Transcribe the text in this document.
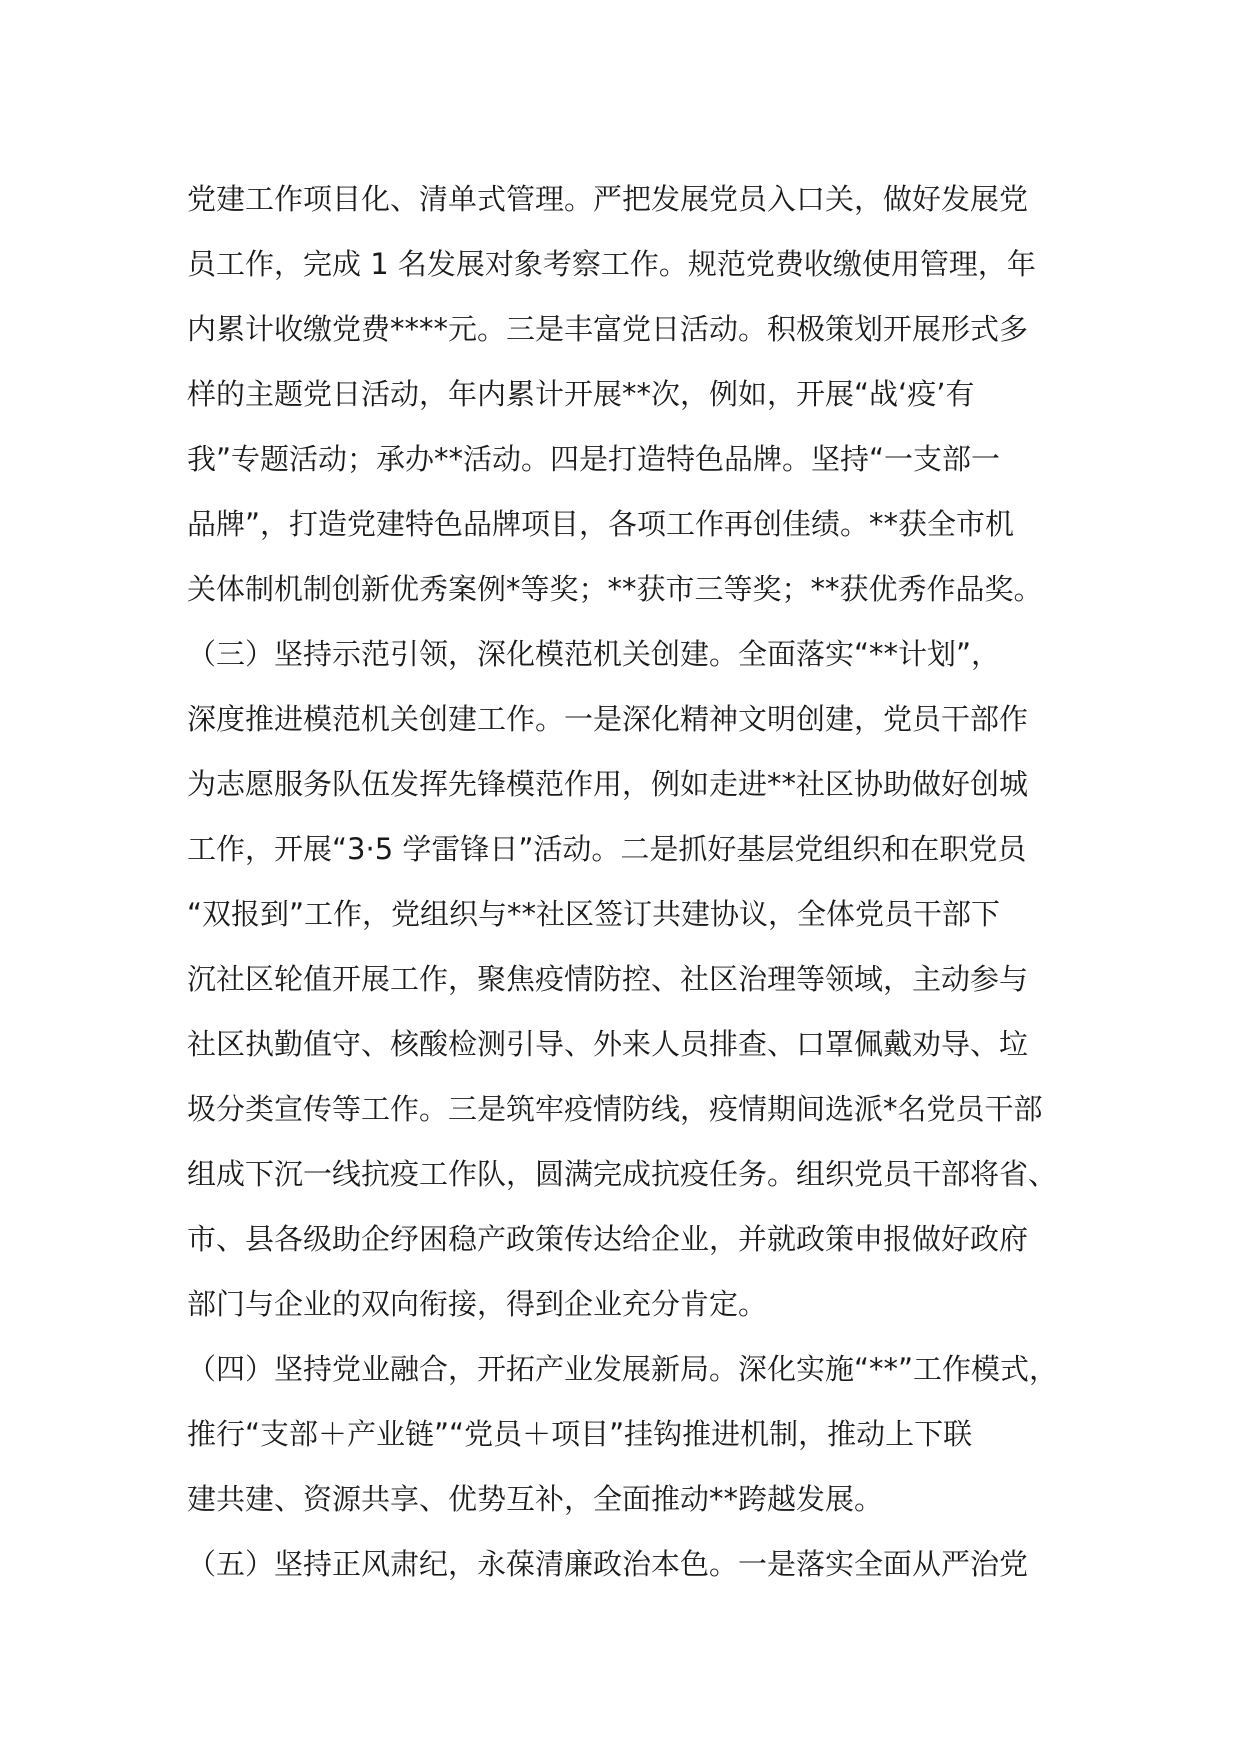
党建工作项目化、清单式管理。严把发展党员入口关，做好发展党
员工作，完成 1 名发展对象考察工作。规范党费收缴使用管理，年
内累计收缴党费****元。三是丰富党日活动。积极策划开展形式多
样的主题党日活动，年内累计开展**次，例如，开展“战‘疫’有
我”专题活动；承办**活动。四是打造特色品牌。坚持“一支部一
品牌”，打造党建特色品牌项目，各项工作再创佳绩。**获全市机
关体制机制创新优秀案例*等奖；**获市三等奖；**获优秀作品奖。
（三）坚持示范引领，深化模范机关创建。全面落实“**计划”，
深度推进模范机关创建工作。一是深化精神文明创建，党员干部作
为志愿服务队伍发挥先锋模范作用，例如走进**社区协助做好创城
工作，开展“3·5 学雷锋日”活动。二是抓好基层党组织和在职党员
“双报到”工作，党组织与**社区签订共建协议，全体党员干部下
沉社区轮值开展工作，聚焦疫情防控、社区治理等领域，主动参与
社区执勤值守、核酸检测引导、外来人员排查、口罩佩戴劝导、垃
圾分类宣传等工作。三是筑牢疫情防线，疫情期间选派*名党员干部
组成下沉一线抗疫工作队，圆满完成抗疫任务。组织党员干部将省、
市、县各级助企纾困稳产政策传达给企业，并就政策申报做好政府
部门与企业的双向衔接，得到企业充分肯定。
（四）坚持党业融合，开拓产业发展新局。深化实施“**”工作模式，
推行“支部＋产业链”“党员＋项目”挂钩推进机制，推动上下联
建共建、资源共享、优势互补，全面推动**跨越发展。
（五）坚持正风肃纪，永葆清廉政治本色。一是落实全面从严治党
